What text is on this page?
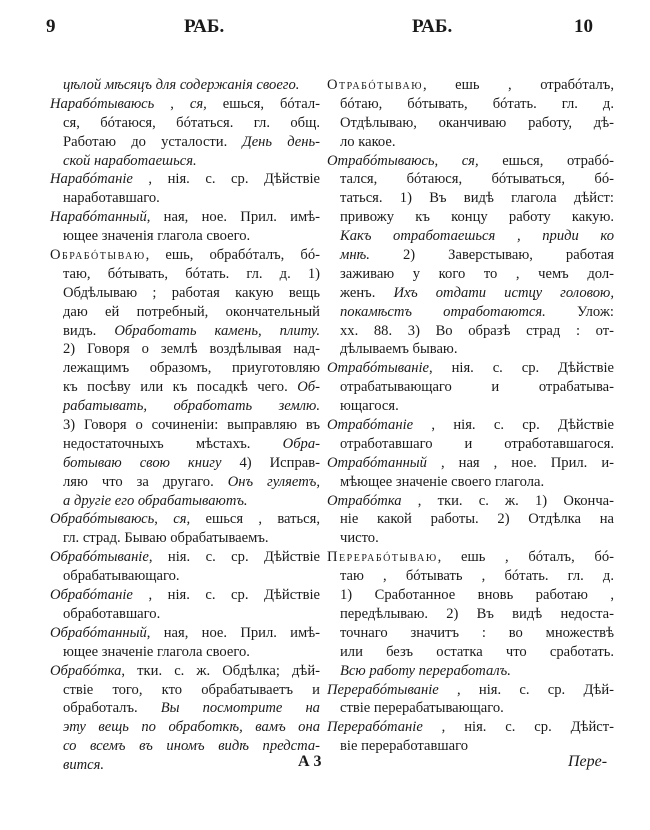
9	РАБ.	РАБ.	10
цѣлой мѣсяцъ для содержанія своего.
Нарабóтываюсь , ся, ешься, бóтал-
ся, бóтаюся, бóтаться. гл. общ.
Работаю до усталости. День день-
ской наработаешься.
Нарабóтаніе , нія. с. ср. Дѣйствіе
наработавшаго.
Нарабóтанный, ная, ное. Прил. имѣ-
ющее значенія глагола своего.
Обрабóтываю, ешь, обрабóталъ, бó-
таю, бóтывать, бóтать. гл. д. 1)
Обдѣлываю ; работая какую вещь
даю ей потребный, окончательный
видъ. Обработать камень, плиту.
2) Говоря о землѣ воздѣлывая над-
лежащимъ образомъ, приуготовляю
къ посѣву или къ посадкѣ чего. Об-
рабатывать, обработать землю.
3) Говоря о сочиненіи: выправляю въ
недостаточныхъ мѣстахъ. Обра-
ботываю свою книгу 4) Исправ-
ляю что за другаго. Онъ гуляетъ,
а другіе его обрабатываютъ.
Обрабóтываюсь, ся, ешься , ваться,
гл. страд. Бываю обрабатываемъ.
Обрабóтываніе, нія. с. ср. Дѣйствіе
обрабатывающаго.
Обрабóтаніе , нія. с. ср. Дѣйствіе
обработавшаго.
Обрабóтанный, ная, ное. Прил. имѣ-
ющее значеніе глагола своего.
Обрабóтка, тки. с. ж. Обдѣлка; дѣй-
ствіе того, кто обрабатываетъ и
обработалъ. Вы посмотрите на
эту вещь по обработкѣ, вамъ она
со всемъ въ иномъ видѣ предста-
вится.
Отрабóтываю, ешь , отрабóталъ,
бóтаю, бóтывать, бóтать. гл. д.
Отдѣлываю, оканчиваю работу, дѣ-
ло какое.
Отрабóтываюсь, ся, ешься, отрабó-
тался, бóтаюся, бóтываться, бó-
таться. 1) Въ видѣ глагола дѣйст:
привожу къ концу работу какую.
Какъ отработаешься , приди ко
мнѣ. 2) Заверстываю, работая
заживаю у кого то , чемъ дол-
женъ. Ихъ отдати истцу головою,
покамѣстъ отработаются. Улож:
хх. 88. 3) Во образѣ страд : от-
дѣлываемъ бываю.
Отрабóтываніе, нія. с. ср. Дѣйствіе
отрабатывающаго и отрабатыва-
ющагося.
Отрабóтаніе , нія. с. ср. Дѣйствіе
отработавшаго и отработавшагося.
Отрабóтанный , ная , ное. Прил. и-
мѣющее значеніе своего глагола.
Отрабóтка , тки. с. ж. 1) Оконча-
ніе какой работы. 2) Отдѣлка на
чисто.
Перерабóтываю, ешь , бóталъ, бó-
таю , бóтывать , бóтать. гл. д.
1) Сработанное вновь работаю ,
передѣлываю. 2) Въ видѣ недоста-
точнаго значитъ : во множествѣ
или безъ остатка что сработать.
Всю работу переработалъ.
Перерабóтываніе , нія. с. ср. Дѣй-
ствіе перерабатывающаго.
Перерабóтаніе , нія. с. ср. Дѣйст-
віе переработавшаго
А 3	Пере-
